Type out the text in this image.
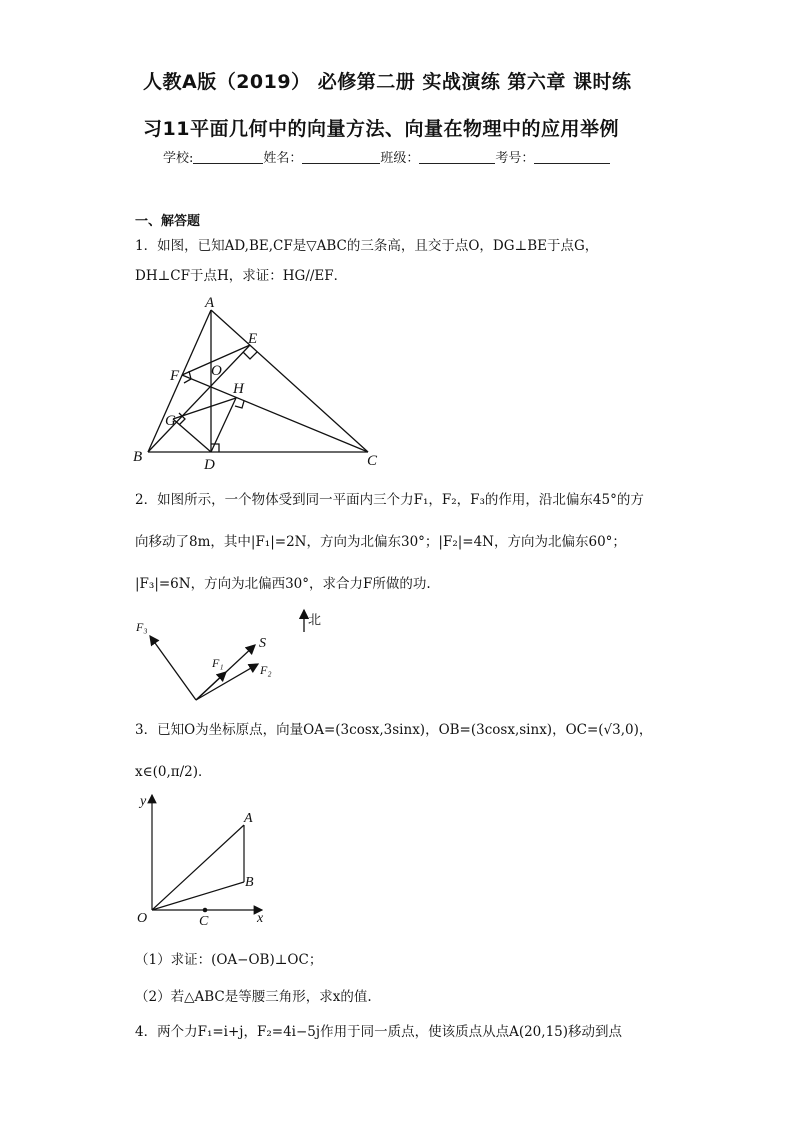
人教A版（2019） 必修第二册 实战演练 第六章 课时练
习11平面几何中的向量方法、向量在物理中的应用举例
学校:	姓名：	班级：	考号：
一、解答题
1．如图，已知AD,BE,CF是▽ABC的三条高，且交于点O，DG⊥BE于点G，
DH⊥CF于点H，求证：HG//EF．
A
B	C
D
E
F
G
H
O
2．如图所示，一个物体受到同一平面内三个力F₁，F₂，F₃的作用，沿北偏东45°的方
向移动了8m，其中|F₁|=2N，方向为北偏东30°；|F₂|=4N，方向为北偏东60°；
|F₃|=6N，方向为北偏西30°，求合力F所做的功.
F₃
F₁	F₂
S
北
3．已知O为坐标原点，向量OA=(3cosx,3sinx)，OB=(3cosx,sinx)，OC=(√3,0)，
x∈(0,π/2)．
y
x
O
A
B
C
（1）求证：(OA−OB)⊥OC；
（2）若△ABC是等腰三角形，求x的值.
4．两个力F₁=i+j，F₂=4i−5j作用于同一质点，使该质点从点A(20,15)移动到点
